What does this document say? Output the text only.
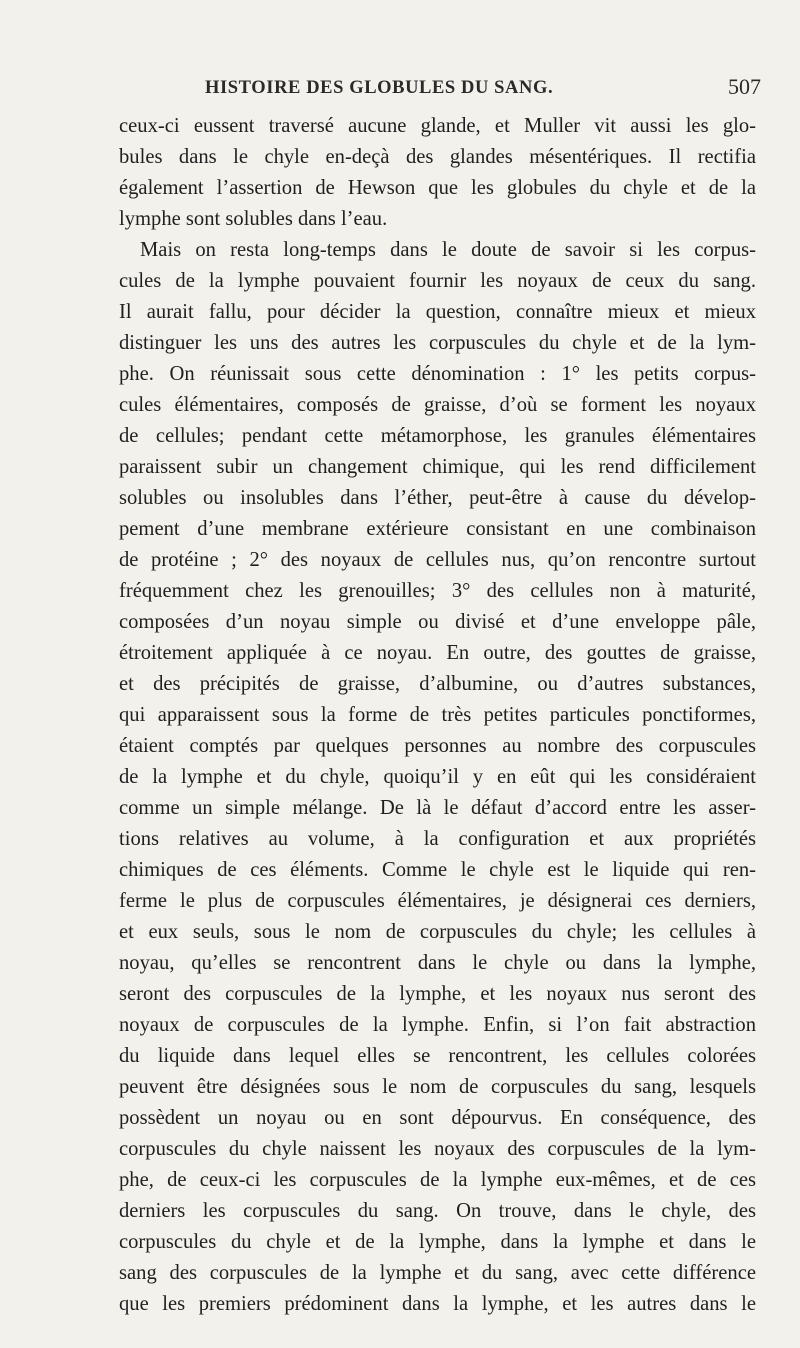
HISTOIRE DES GLOBULES DU SANG.	507
ceux-ci eussent traversé aucune glande, et Muller vit aussi les glo-
bules dans le chyle en-deçà des glandes mésentériques. Il rectifia
également l’assertion de Hewson que les globules du chyle et de la
lymphe sont solubles dans l’eau.
Mais on resta long-temps dans le doute de savoir si les corpus-
cules de la lymphe pouvaient fournir les noyaux de ceux du sang.
Il aurait fallu, pour décider la question, connaître mieux et mieux
distinguer les uns des autres les corpuscules du chyle et de la lym-
phe. On réunissait sous cette dénomination : 1° les petits corpus-
cules élémentaires, composés de graisse, d’où se forment les noyaux
de cellules; pendant cette métamorphose, les granules élémentaires
paraissent subir un changement chimique, qui les rend difficilement
solubles ou insolubles dans l’éther, peut-être à cause du dévelop-
pement d’une membrane extérieure consistant en une combinaison
de protéine ; 2° des noyaux de cellules nus, qu’on rencontre surtout
fréquemment chez les grenouilles; 3° des cellules non à maturité,
composées d’un noyau simple ou divisé et d’une enveloppe pâle,
étroitement appliquée à ce noyau. En outre, des gouttes de graisse,
et des précipités de graisse, d’albumine, ou d’autres substances,
qui apparaissent sous la forme de très petites particules ponctiformes,
étaient comptés par quelques personnes au nombre des corpuscules
de la lymphe et du chyle, quoiqu’il y en eût qui les considéraient
comme un simple mélange. De là le défaut d’accord entre les asser-
tions relatives au volume, à la configuration et aux propriétés
chimiques de ces éléments. Comme le chyle est le liquide qui ren-
ferme le plus de corpuscules élémentaires, je désignerai ces derniers,
et eux seuls, sous le nom de corpuscules du chyle; les cellules à
noyau, qu’elles se rencontrent dans le chyle ou dans la lymphe,
seront des corpuscules de la lymphe, et les noyaux nus seront des
noyaux de corpuscules de la lymphe. Enfin, si l’on fait abstraction
du liquide dans lequel elles se rencontrent, les cellules colorées
peuvent être désignées sous le nom de corpuscules du sang, lesquels
possèdent un noyau ou en sont dépourvus. En conséquence, des
corpuscules du chyle naissent les noyaux des corpuscules de la lym-
phe, de ceux-ci les corpuscules de la lymphe eux-mêmes, et de ces
derniers les corpuscules du sang. On trouve, dans le chyle, des
corpuscules du chyle et de la lymphe, dans la lymphe et dans le
sang des corpuscules de la lymphe et du sang, avec cette différence
que les premiers prédominent dans la lymphe, et les autres dans le
